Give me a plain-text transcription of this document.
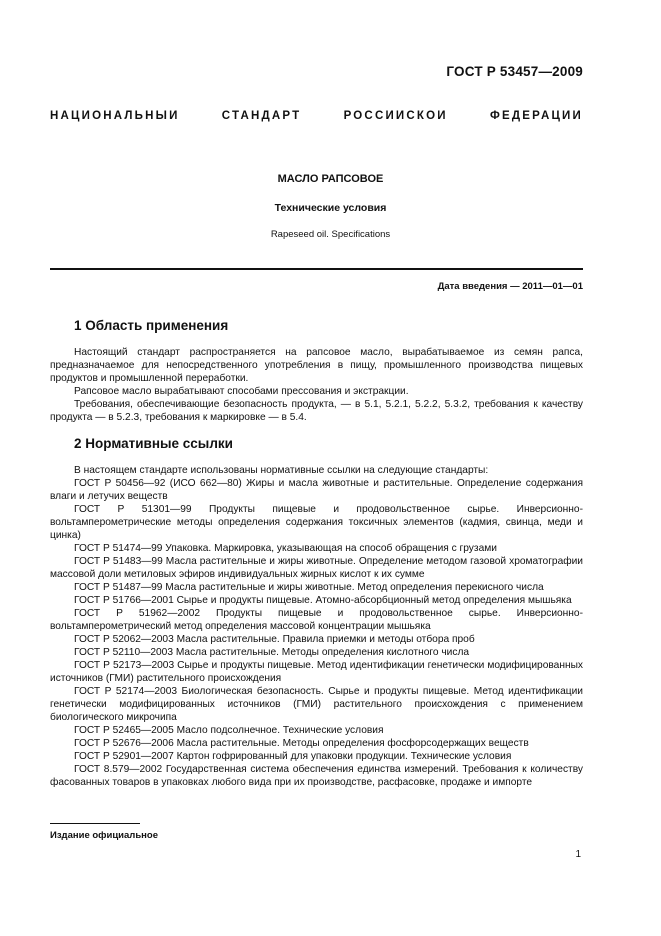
ГОСТ Р 53457—2009
НАЦИОНАЛЬНЫЙ СТАНДАРТ РОССИЙСКОЙ ФЕДЕРАЦИИ
МАСЛО РАПСОВОЕ
Технические условия
Rapeseed oil. Specifications
Дата введения — 2011—01—01
1 Область применения

Настоящий стандарт распространяется на рапсовое масло, вырабатываемое из семян рапса, предназначаемое для непосредственного употребления в пищу, промышленного производства пищевых продуктов и промышленной переработки.

Рапсовое масло вырабатывают способами прессования и экстракции.

Требования, обеспечивающие безопасность продукта, — в 5.1, 5.2.1, 5.2.2, 5.3.2, требования к качеству продукта — в 5.2.3, требования к маркировке — в 5.4.

2 Нормативные ссылки

В настоящем стандарте использованы нормативные ссылки на следующие стандарты:

ГОСТ Р 50456—92 (ИСО 662—80) Жиры и масла животные и растительные. Определение содержания влаги и летучих веществ

ГОСТ Р 51301—99 Продукты пищевые и продовольственное сырье. Инверсионно-вольтамперометрические методы определения содержания токсичных элементов (кадмия, свинца, меди и цинка)

ГОСТ Р 51474—99 Упаковка. Маркировка, указывающая на способ обращения с грузами

ГОСТ Р 51483—99 Масла растительные и жиры животные. Определение методом газовой хроматографии массовой доли метиловых эфиров индивидуальных жирных кислот к их сумме

ГОСТ Р 51487—99 Масла растительные и жиры животные. Метод определения перекисного числа

ГОСТ Р 51766—2001 Сырье и продукты пищевые. Атомно-абсорбционный метод определения мышьяка

ГОСТ Р 51962—2002 Продукты пищевые и продовольственное сырье. Инверсионно-вольтамперометрический метод определения массовой концентрации мышьяка

ГОСТ Р 52062—2003 Масла растительные. Правила приемки и методы отбора проб

ГОСТ Р 52110—2003 Масла растительные. Методы определения кислотного числа

ГОСТ Р 52173—2003 Сырье и продукты пищевые. Метод идентификации генетически модифицированных источников (ГМИ) растительного происхождения

ГОСТ Р 52174—2003 Биологическая безопасность. Сырье и продукты пищевые. Метод идентификации генетически модифицированных источников (ГМИ) растительного происхождения с применением биологического микрочипа

ГОСТ Р 52465—2005 Масло подсолнечное. Технические условия

ГОСТ Р 52676—2006 Масла растительные. Методы определения фосфорсодержащих веществ

ГОСТ Р 52901—2007 Картон гофрированный для упаковки продукции. Технические условия

ГОСТ 8.579—2002 Государственная система обеспечения единства измерений. Требования к количеству фасованных товаров в упаковках любого вида при их производстве, расфасовке, продаже и импорте

Издание официальное
1
